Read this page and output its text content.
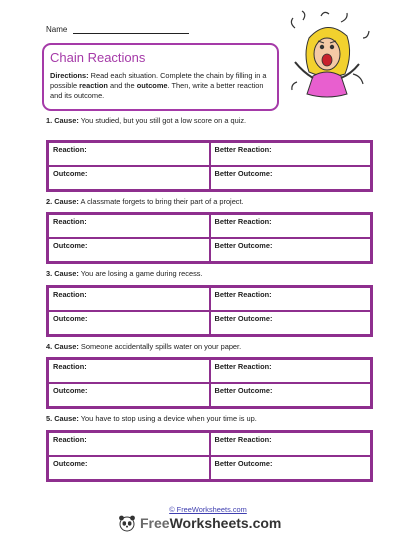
Name
Chain Reactions
Directions: Read each situation. Complete the chain by filling in a possible reaction and the outcome. Then, write a better reaction and its outcome.
1. Cause: You studied, but you still got a low score on a quiz.
Reaction:	Better Reaction:
Outcome:	Better Outcome:
2. Cause: A classmate forgets to bring their part of a project.
Reaction:	Better Reaction:
Outcome:	Better Outcome:
3. Cause: You are losing a game during recess.
Reaction:	Better Reaction:
Outcome:	Better Outcome:
4. Cause: Someone accidentally spills water on your paper.
Reaction:	Better Reaction:
Outcome:	Better Outcome:
5. Cause: You have to stop using a device when your time is up.
Reaction:	Better Reaction:
Outcome:	Better Outcome:
© FreeWorksheets.com
FreeWorksheets.com
